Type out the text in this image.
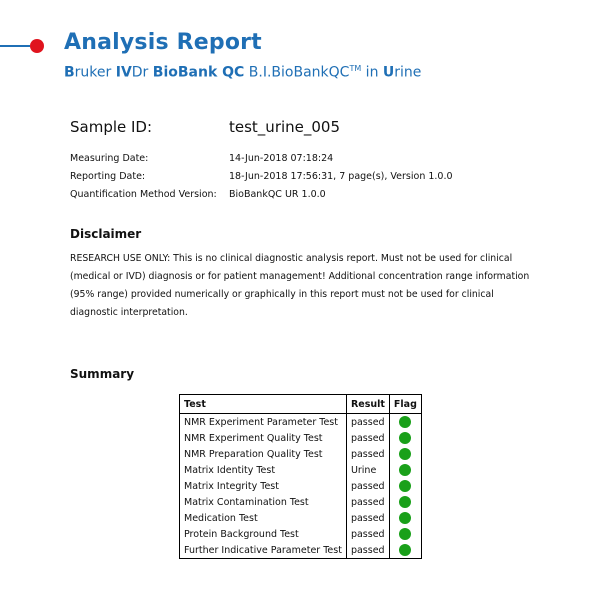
Analysis Report
Bruker IVDr BioBank QC B.I.BioBankQC™ in Urine
Sample ID:	test_urine_005
Measuring Date:	14-Jun-2018 07:18:24
Reporting Date:	18-Jun-2018 17:56:31, 7 page(s), Version 1.0.0
Quantification Method Version: BioBankQC UR 1.0.0
Disclaimer
RESEARCH USE ONLY: This is no clinical diagnostic analysis report. Must not be used for clinical (medical or IVD) diagnosis or for patient management! Additional concentration range information (95% range) provided numerically or graphically in this report must not be used for clinical diagnostic interpretation.
Summary
Test	Result	Flag
NMR Experiment Parameter Test	passed	
NMR Experiment Quality Test	passed	
NMR Preparation Quality Test	passed	
Matrix Identity Test	Urine	
Matrix Integrity Test	passed	
Matrix Contamination Test	passed	
Medication Test	passed	
Protein Background Test	passed	
Further Indicative Parameter Test	passed	
